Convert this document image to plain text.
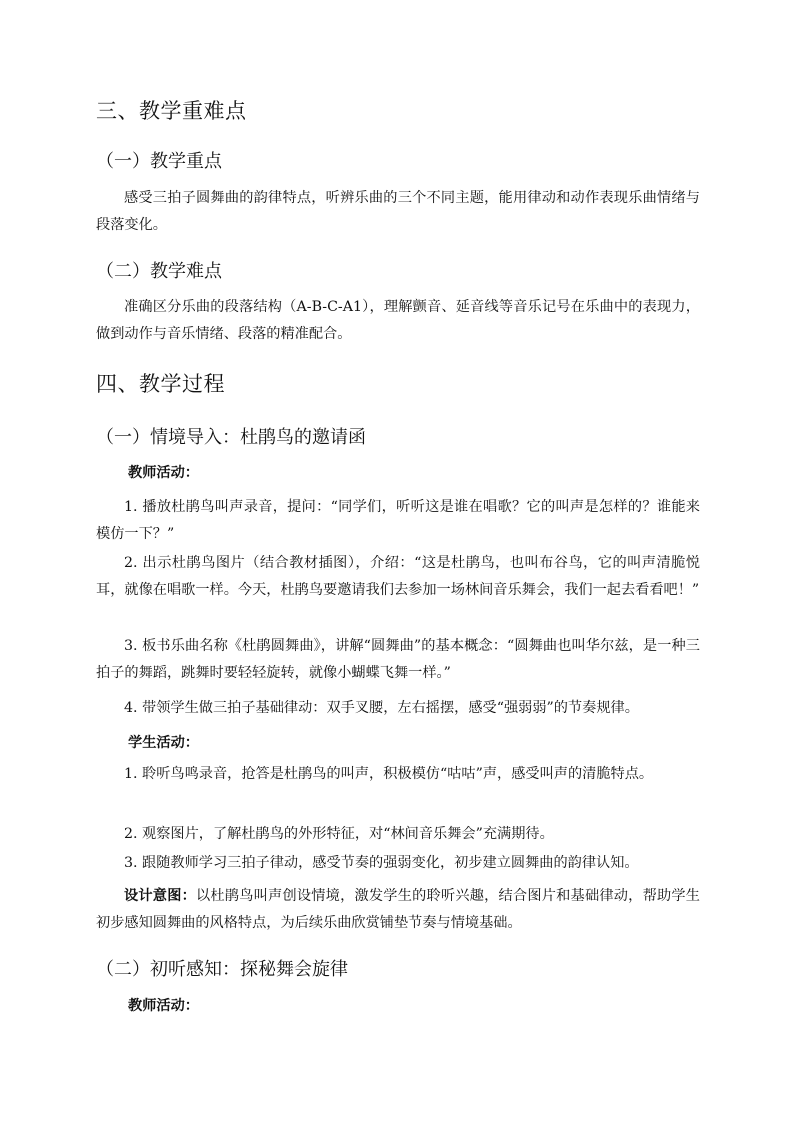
三、教学重难点
（一）教学重点

感受三拍子圆舞曲的韵律特点，听辨乐曲的三个不同主题，能用律动和动作表现乐曲情绪与段落变化。

（二）教学难点

准确区分乐曲的段落结构（A-B-C-A1），理解颤音、延音线等音乐记号在乐曲中的表现力，做到动作与音乐情绪、段落的精准配合。

四、教学过程
（一）情境导入：杜鹃鸟的邀请函
教师活动：

1. 播放杜鹃鸟叫声录音，提问：“同学们，听听这是谁在唱歌？它的叫声是怎样的？谁能来模仿一下？”

2. 出示杜鹃鸟图片（结合教材插图），介绍：“这是杜鹃鸟，也叫布谷鸟，它的叫声清脆悦耳，就像在唱歌一样。今天，杜鹃鸟要邀请我们去参加一场林间音乐舞会，我们一起去看看吧！”

3. 板书乐曲名称《杜鹃圆舞曲》，讲解“圆舞曲”的基本概念：“圆舞曲也叫华尔兹，是一种三拍子的舞蹈，跳舞时要轻轻旋转，就像小蝴蝶飞舞一样。”

4. 带领学生做三拍子基础律动：双手叉腰，左右摇摆，感受“强弱弱”的节奏规律。

学生活动：

1. 聆听鸟鸣录音，抢答是杜鹃鸟的叫声，积极模仿“咕咕”声，感受叫声的清脆特点。

2. 观察图片，了解杜鹃鸟的外形特征，对“林间音乐舞会”充满期待。

3. 跟随教师学习三拍子律动，感受节奏的强弱变化，初步建立圆舞曲的韵律认知。

设计意图：以杜鹃鸟叫声创设情境，激发学生的聆听兴趣，结合图片和基础律动，帮助学生初步感知圆舞曲的风格特点，为后续乐曲欣赏铺垫节奏与情境基础。

（二）初听感知：探秘舞会旋律
教师活动：
